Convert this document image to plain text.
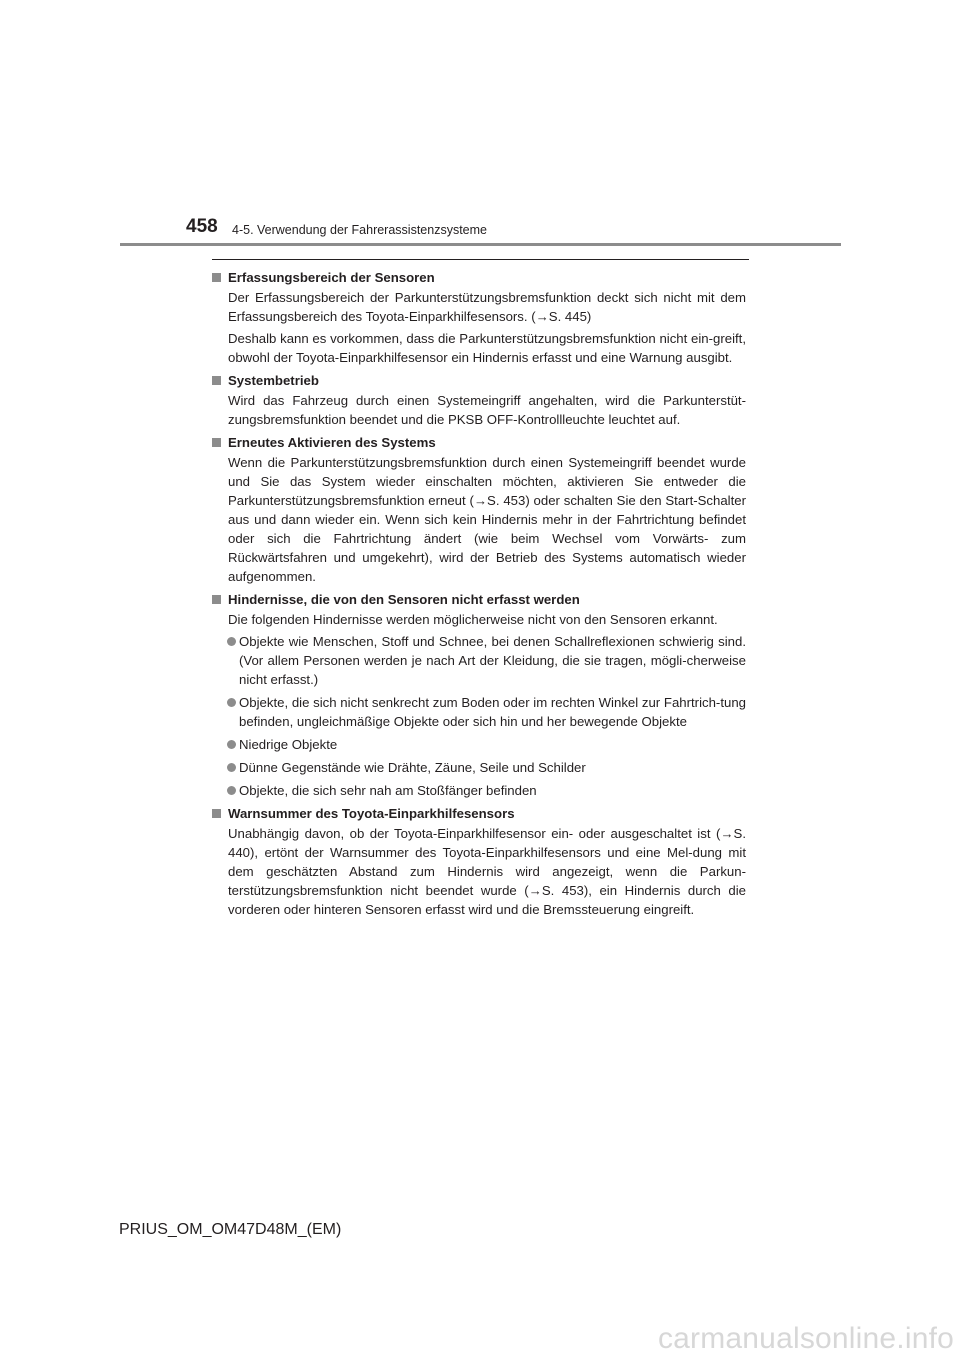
458 4-5. Verwendung der Fahrerassistenzsysteme
Erfassungsbereich der Sensoren

Der Erfassungsbereich der Parkunterstützungsbremsfunktion deckt sich nicht mit dem Erfassungsbereich des Toyota-Einparkhilfesensors. (→S. 445)

Deshalb kann es vorkommen, dass die Parkunterstützungsbremsfunktion nicht ein-greift, obwohl der Toyota-Einparkhilfesensor ein Hindernis erfasst und eine Warnung ausgibt.

Systembetrieb

Wird das Fahrzeug durch einen Systemeingriff angehalten, wird die Parkunterstüt-zungsbremsfunktion beendet und die PKSB OFF-Kontrollleuchte leuchtet auf.

Erneutes Aktivieren des Systems

Wenn die Parkunterstützungsbremsfunktion durch einen Systemeingriff beendet wurde und Sie das System wieder einschalten möchten, aktivieren Sie entweder die Parkunterstützungsbremsfunktion erneut (→S. 453) oder schalten Sie den Start-Schalter aus und dann wieder ein. Wenn sich kein Hindernis mehr in der Fahrtrichtung befindet oder sich die Fahrtrichtung ändert (wie beim Wechsel vom Vorwärts- zum Rückwärtsfahren und umgekehrt), wird der Betrieb des Systems automatisch wieder aufgenommen.

Hindernisse, die von den Sensoren nicht erfasst werden

Die folgenden Hindernisse werden möglicherweise nicht von den Sensoren erkannt.

Objekte wie Menschen, Stoff und Schnee, bei denen Schallreflexionen schwierig sind. (Vor allem Personen werden je nach Art der Kleidung, die sie tragen, mögli-cherweise nicht erfasst.)
Objekte, die sich nicht senkrecht zum Boden oder im rechten Winkel zur Fahrtrich-tung befinden, ungleichmäßige Objekte oder sich hin und her bewegende Objekte
Niedrige Objekte
Dünne Gegenstände wie Drähte, Zäune, Seile und Schilder
Objekte, die sich sehr nah am Stoßfänger befinden
Warnsummer des Toyota-Einparkhilfesensors

Unabhängig davon, ob der Toyota-Einparkhilfesensor ein- oder ausgeschaltet ist (→S. 440), ertönt der Warnsummer des Toyota-Einparkhilfesensors und eine Mel-dung mit dem geschätzten Abstand zum Hindernis wird angezeigt, wenn die Parkun-terstützungsbremsfunktion nicht beendet wurde (→S. 453), ein Hindernis durch die vorderen oder hinteren Sensoren erfasst wird und die Bremssteuerung eingreift.

PRIUS_OM_OM47D48M_(EM)
carmanualsonline.info
